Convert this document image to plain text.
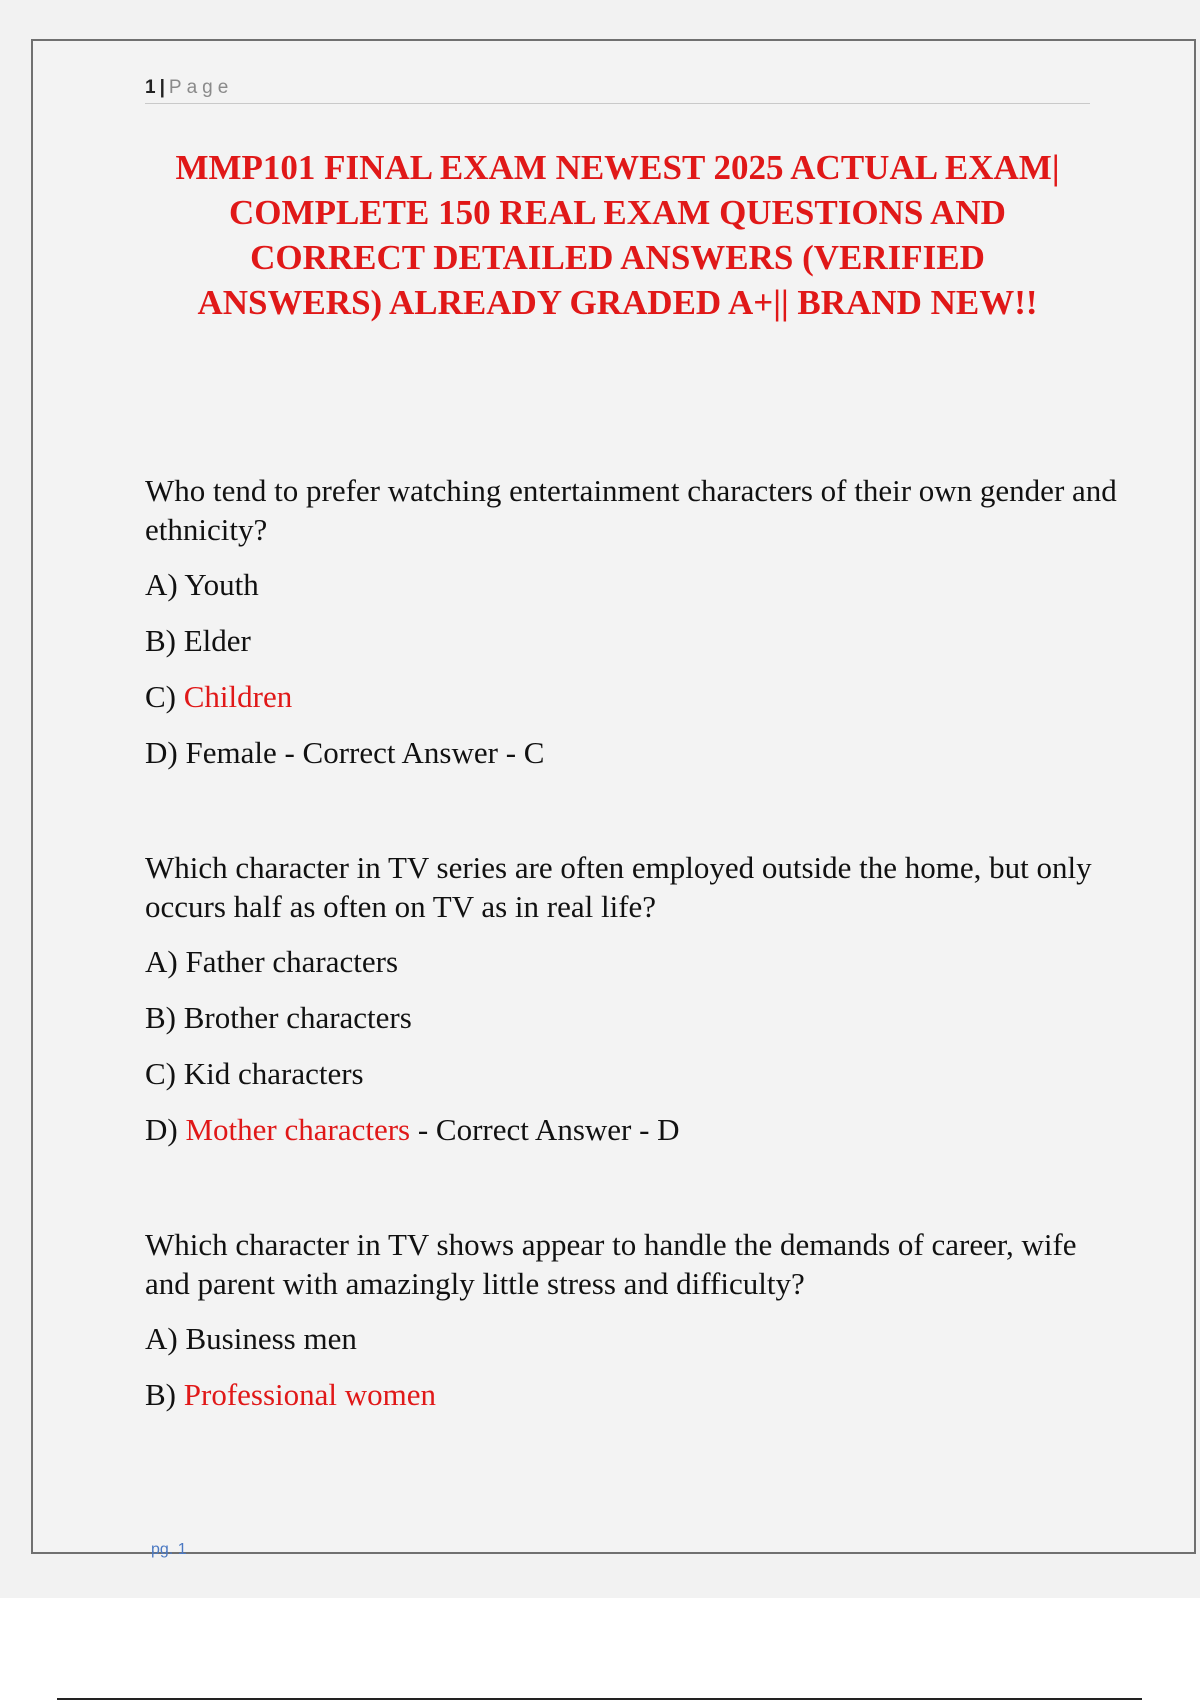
1 | Page
MMP101 FINAL EXAM NEWEST 2025 ACTUAL EXAM|
COMPLETE 150 REAL EXAM QUESTIONS AND
CORRECT DETAILED ANSWERS (VERIFIED
ANSWERS) ALREADY GRADED A+|| BRAND NEW!!

Who tend to prefer watching entertainment characters of their own gender and ethnicity?

A) Youth

B) Elder

C) Children

D) Female - Correct Answer - C

Which character in TV series are often employed outside the home, but only occurs half as often on TV as in real life?

A) Father characters

B) Brother characters

C) Kid characters

D) Mother characters - Correct Answer - D

Which character in TV shows appear to handle the demands of career, wife and parent with amazingly little stress and difficulty?

A) Business men

B) Professional women

pg. 1
